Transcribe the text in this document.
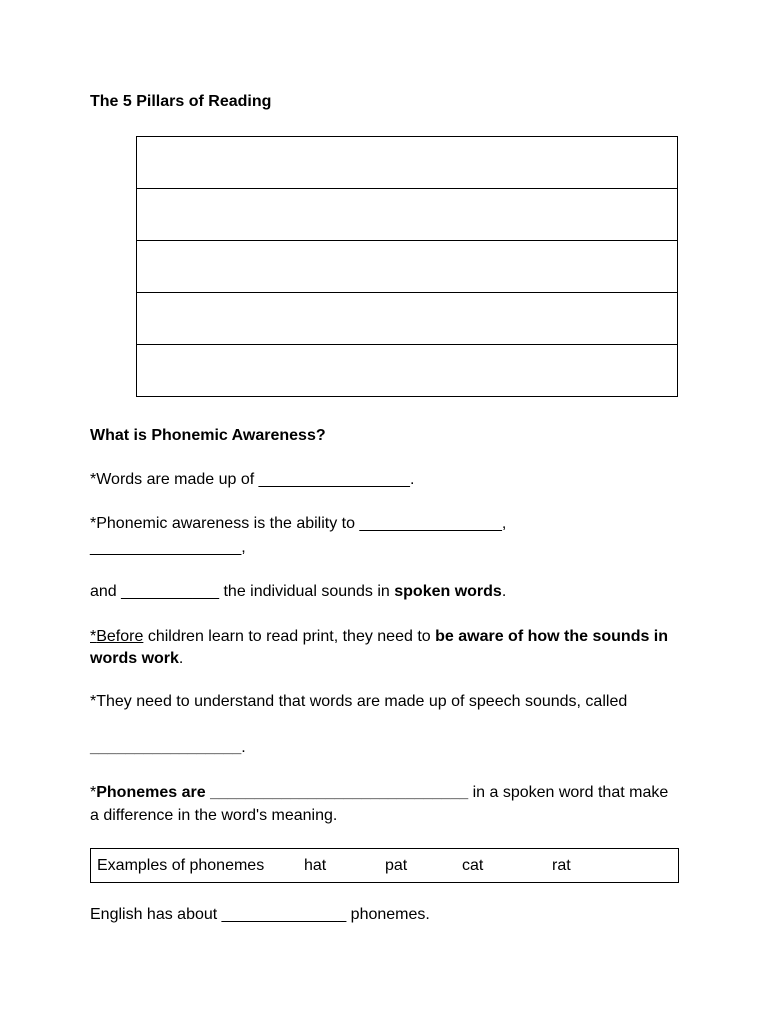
The 5 Pillars of Reading

What is Phonemic Awareness?
*Words are made up of _________________.
*Phonemic awareness is the ability to ________________,
_________________,
and ___________ the individual sounds in spoken words.
*Before children learn to read print, they need to be aware of how the sounds in words work.
*They need to understand that words are made up of speech sounds, called
_________________.
*Phonemes are _____________________________ in a spoken word that make a difference in the word's meaning.
Examples of phonemes hat	pat	cat	rat
English has about ______________ phonemes.
